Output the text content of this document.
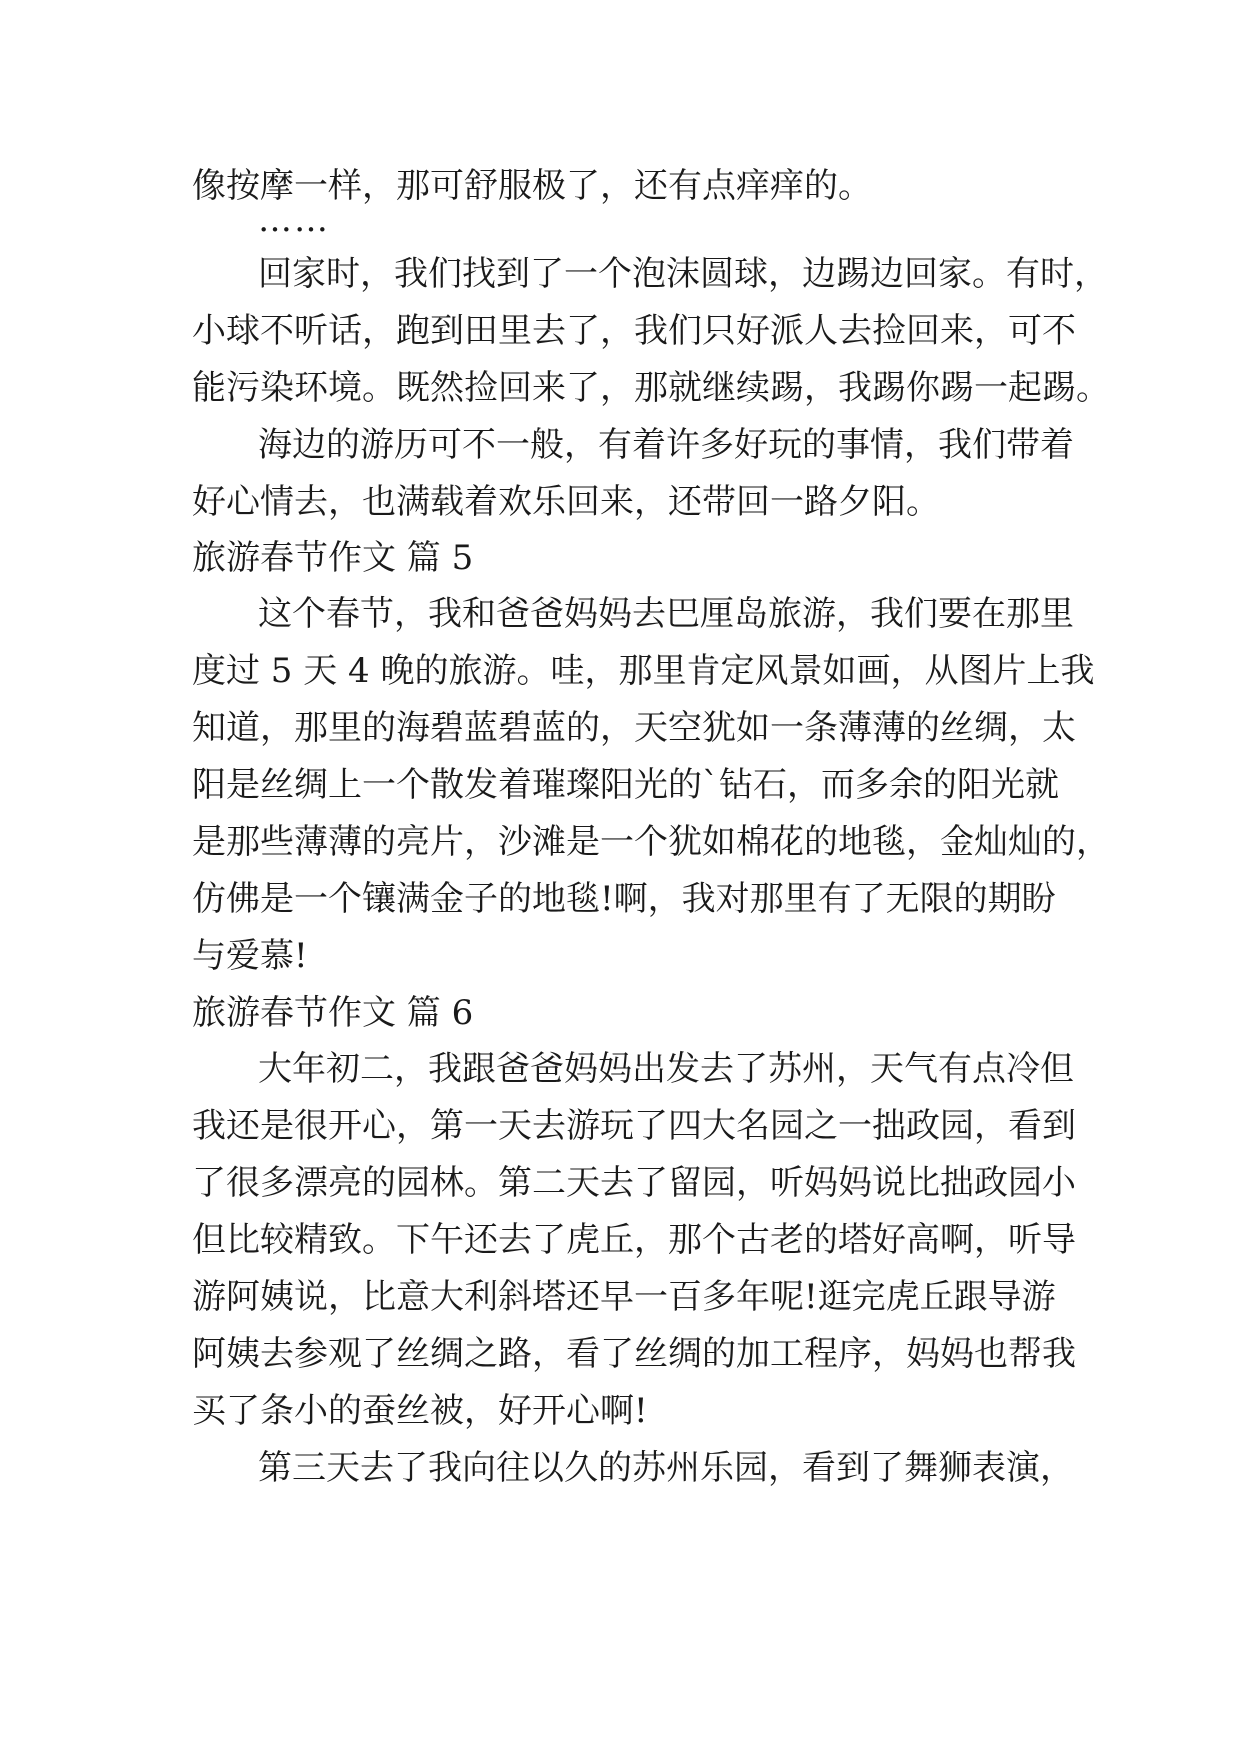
像按摩一样，那可舒服极了，还有点痒痒的。
……
回家时，我们找到了一个泡沫圆球，边踢边回家。有时，
小球不听话，跑到田里去了，我们只好派人去捡回来，可不
能污染环境。既然捡回来了，那就继续踢，我踢你踢一起踢。
海边的游历可不一般，有着许多好玩的事情，我们带着
好心情去，也满载着欢乐回来，还带回一路夕阳。
旅游春节作文 篇 5
这个春节，我和爸爸妈妈去巴厘岛旅游，我们要在那里
度过 5 天 4 晚的旅游。哇，那里肯定风景如画，从图片上我
知道，那里的海碧蓝碧蓝的，天空犹如一条薄薄的丝绸，太
阳是丝绸上一个散发着璀璨阳光的`钻石，而多余的阳光就
是那些薄薄的亮片，沙滩是一个犹如棉花的地毯，金灿灿的，
仿佛是一个镶满金子的地毯!啊，我对那里有了无限的期盼
与爱慕!
旅游春节作文 篇 6
大年初二，我跟爸爸妈妈出发去了苏州，天气有点冷但
我还是很开心，第一天去游玩了四大名园之一拙政园，看到
了很多漂亮的园林。第二天去了留园，听妈妈说比拙政园小
但比较精致。下午还去了虎丘，那个古老的塔好高啊，听导
游阿姨说，比意大利斜塔还早一百多年呢!逛完虎丘跟导游
阿姨去参观了丝绸之路，看了丝绸的加工程序，妈妈也帮我
买了条小的蚕丝被，好开心啊!
第三天去了我向往以久的苏州乐园，看到了舞狮表演，
